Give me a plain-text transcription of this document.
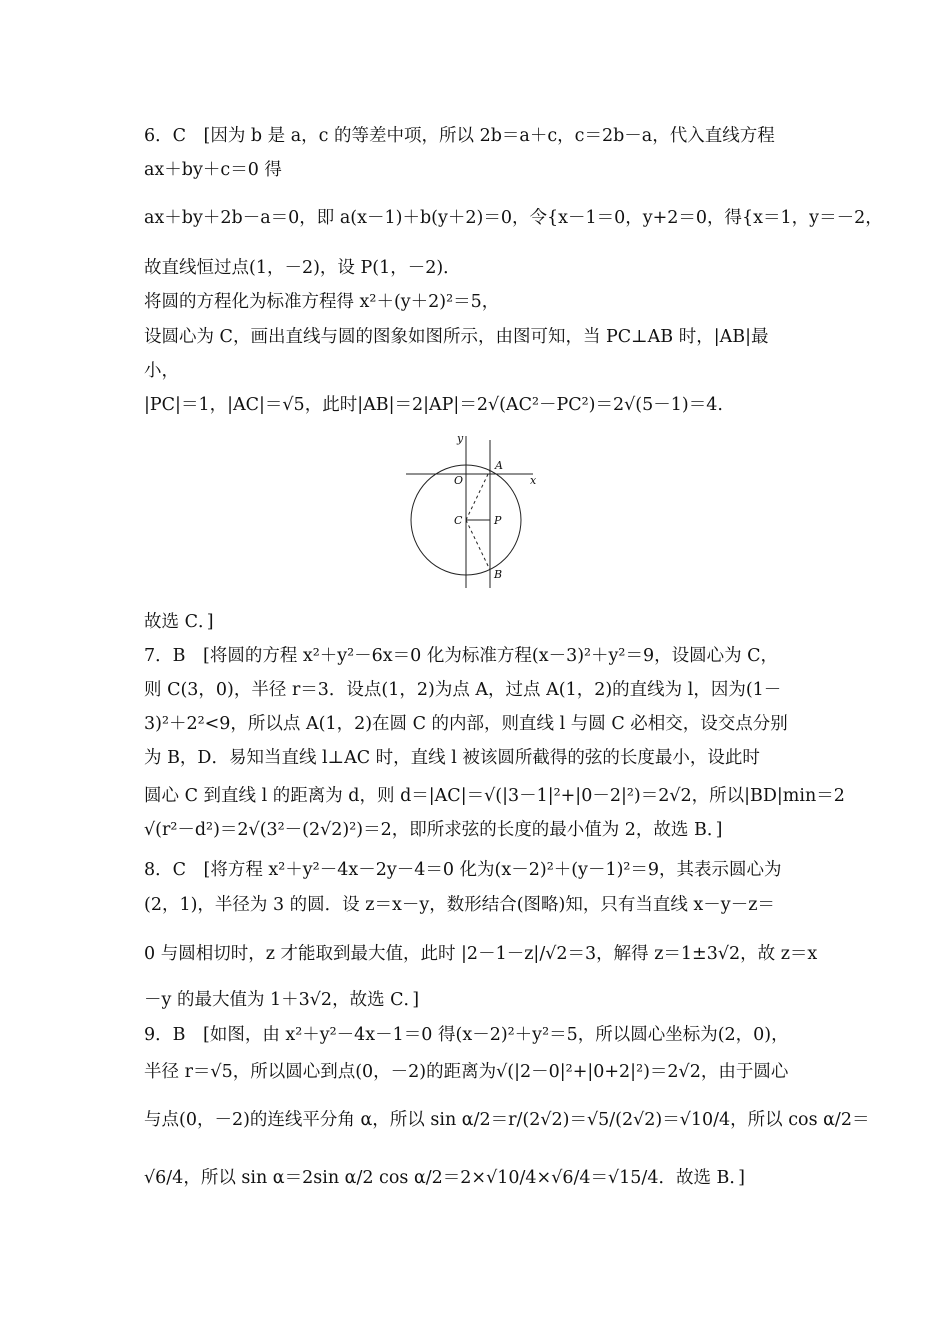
6．C　[因为 b 是 a，c 的等差中项，所以 2b＝a＋c，c＝2b－a，代入直线方程
ax＋by＋c＝0 得
ax＋by＋2b－a＝0，即 a(x－1)＋b(y＋2)＝0，令{x－1＝0，y+2＝0，得{x＝1，y＝－2，
故直线恒过点(1，－2)，设 P(1，－2)．
将圆的方程化为标准方程得 x²＋(y＋2)²＝5，
设圆心为 C，画出直线与圆的图象如图所示，由图可知，当 PC⊥AB 时，|AB|最
小，
|PC|＝1，|AC|＝√5，此时|AB|＝2|AP|＝2√(AC²－PC²)＝2√(5－1)＝4.
故选 C．]
7．B　[将圆的方程 x²＋y²－6x＝0 化为标准方程(x－3)²＋y²＝9，设圆心为 C，
则 C(3，0)，半径 r＝3．设点(1，2)为点 A，过点 A(1，2)的直线为 l，因为(1－
3)²＋2²<9，所以点 A(1，2)在圆 C 的内部，则直线 l 与圆 C 必相交，设交点分别
为 B，D．易知当直线 l⊥AC 时，直线 l 被该圆所截得的弦的长度最小，设此时
圆心 C 到直线 l 的距离为 d，则 d＝|AC|＝√(|3－1|²+|0－2|²)＝2√2，所以|BD|min＝2
√(r²－d²)＝2√(3²－(2√2)²)＝2，即所求弦的长度的最小值为 2，故选 B．]
8．C　[将方程 x²＋y²－4x－2y－4＝0 化为(x－2)²＋(y－1)²＝9，其表示圆心为
(2，1)，半径为 3 的圆．设 z＝x－y，数形结合(图略)知，只有当直线 x－y－z＝
0 与圆相切时，z 才能取到最大值，此时 |2－1－z|/√2＝3，解得 z＝1±3√2，故 z＝x
－y 的最大值为 1＋3√2，故选 C．]
9．B　[如图，由 x²＋y²－4x－1＝0 得(x－2)²＋y²＝5，所以圆心坐标为(2，0)，
半径 r＝√5，所以圆心到点(0，－2)的距离为√(|2－0|²+|0+2|²)＝2√2，由于圆心
与点(0，－2)的连线平分角 α，所以 sin α/2＝r/(2√2)＝√5/(2√2)＝√10/4，所以 cos α/2＝
√6/4，所以 sin α＝2sin α/2 cos α/2＝2×√10/4×√6/4＝√15/4．故选 B．]
y
x
O
A
C	P
B
